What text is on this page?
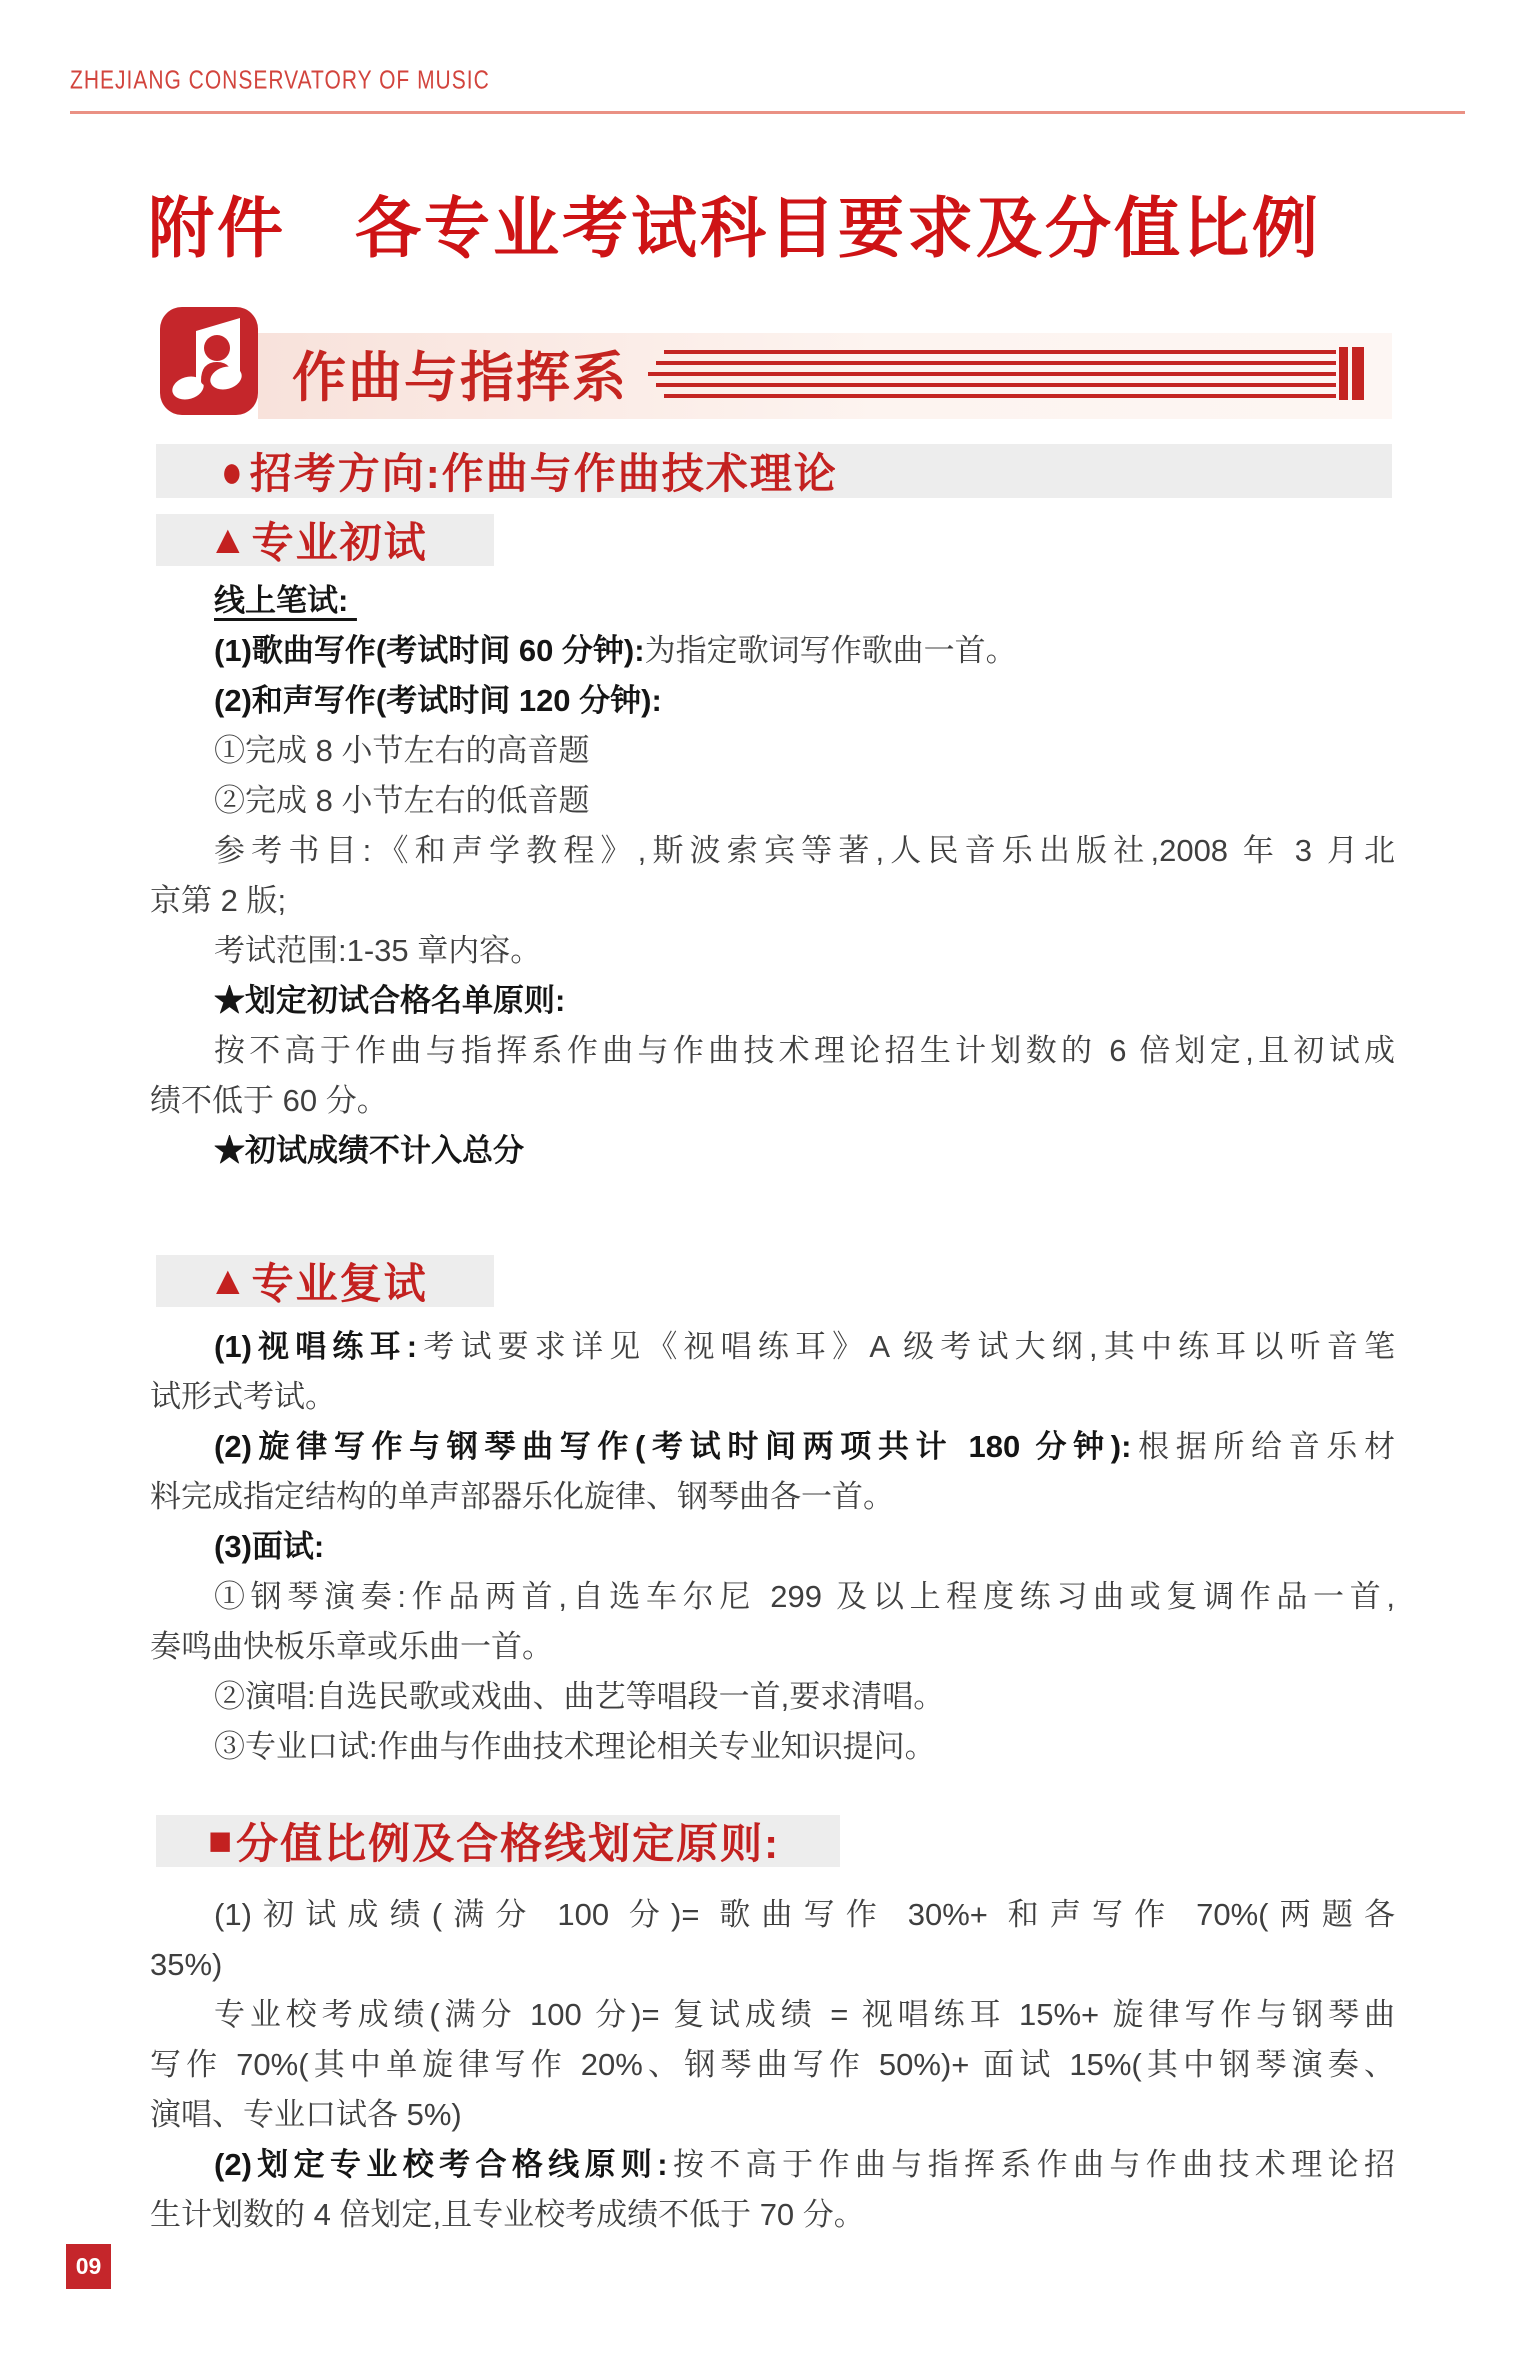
ZHEJIANG CONSERVATORY OF MUSIC
附件　各专业考试科目要求及分值比例
作曲与指挥系
● 招考方向:作曲与作曲技术理论
▲ 专业初试
线上笔试:
(1)歌曲写作(考试时间 60 分钟):为指定歌词写作歌曲一首。
(2)和声写作(考试时间 120 分钟):
①完成 8 小节左右的高音题
②完成 8 小节左右的低音题
参考书目:《和声学教程》,斯波索宾等著,人民音乐出版社,2008 年 3 月北
京第 2 版;
考试范围:1-35 章内容。
★划定初试合格名单原则:
按不高于作曲与指挥系作曲与作曲技术理论招生计划数的 6 倍划定,且初试成
绩不低于 60 分。
★初试成绩不计入总分
▲ 专业复试
(1)视唱练耳:考试要求详见《视唱练耳》A 级考试大纲,其中练耳以听音笔
试形式考试。
(2)旋律写作与钢琴曲写作(考试时间两项共计 180 分钟):根据所给音乐材
料完成指定结构的单声部器乐化旋律、钢琴曲各一首。
(3)面试:
①钢琴演奏:作品两首,自选车尔尼 299 及以上程度练习曲或复调作品一首,
奏鸣曲快板乐章或乐曲一首。
②演唱:自选民歌或戏曲、曲艺等唱段一首,要求清唱。
③专业口试:作曲与作曲技术理论相关专业知识提问。
■ 分值比例及合格线划定原则:
(1)初试成绩(满分 100 分)= 歌曲写作 30%+ 和声写作 70%(两题各
35%)
专业校考成绩(满分 100 分)= 复试成绩 = 视唱练耳 15%+ 旋律写作与钢琴曲
写作 70%(其中单旋律写作 20%、钢琴曲写作 50%)+ 面试 15%(其中钢琴演奏、
演唱、专业口试各 5%)
(2)划定专业校考合格线原则:按不高于作曲与指挥系作曲与作曲技术理论招
生计划数的 4 倍划定,且专业校考成绩不低于 70 分。
09
